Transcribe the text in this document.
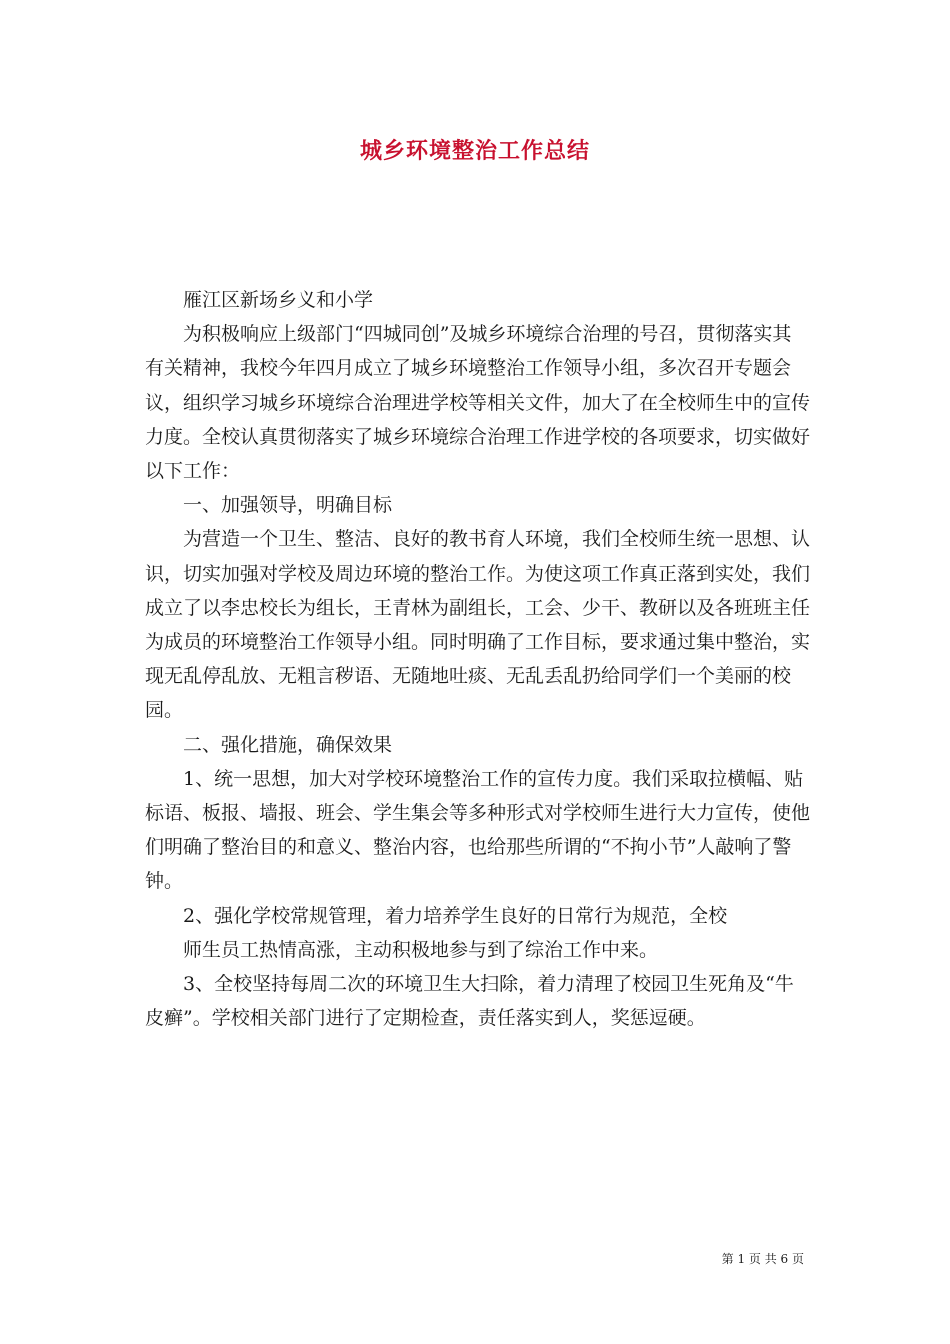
城乡环境整治工作总结

雁江区新场乡义和小学

为积极响应上级部门“四城同创”及城乡环境综合治理的号召，贯彻落实其有关精神，我校今年四月成立了城乡环境整治工作领导小组，多次召开专题会议，组织学习城乡环境综合治理进学校等相关文件，加大了在全校师生中的宣传力度。全校认真贯彻落实了城乡环境综合治理工作进学校的各项要求，切实做好以下工作：

一、加强领导，明确目标

为营造一个卫生、整洁、良好的教书育人环境，我们全校师生统一思想、认识，切实加强对学校及周边环境的整治工作。为使这项工作真正落到实处，我们成立了以李忠校长为组长，王青林为副组长，工会、少干、教研以及各班班主任为成员的环境整治工作领导小组。同时明确了工作目标，要求通过集中整治，实现无乱停乱放、无粗言秽语、无随地吐痰、无乱丢乱扔给同学们一个美丽的校园。

二、强化措施，确保效果

1、统一思想，加大对学校环境整治工作的宣传力度。我们采取拉横幅、贴标语、板报、墙报、班会、学生集会等多种形式对学校师生进行大力宣传，使他们明确了整治目的和意义、整治内容，也给那些所谓的“不拘小节”人敲响了警钟。

2、强化学校常规管理，着力培养学生良好的日常行为规范，全校

师生员工热情高涨，主动积极地参与到了综治工作中来。

3、全校坚持每周二次的环境卫生大扫除，着力清理了校园卫生死角及“牛皮癣”。学校相关部门进行了定期检查，责任落实到人，奖惩逗硬。

第 1 页 共 6 页
